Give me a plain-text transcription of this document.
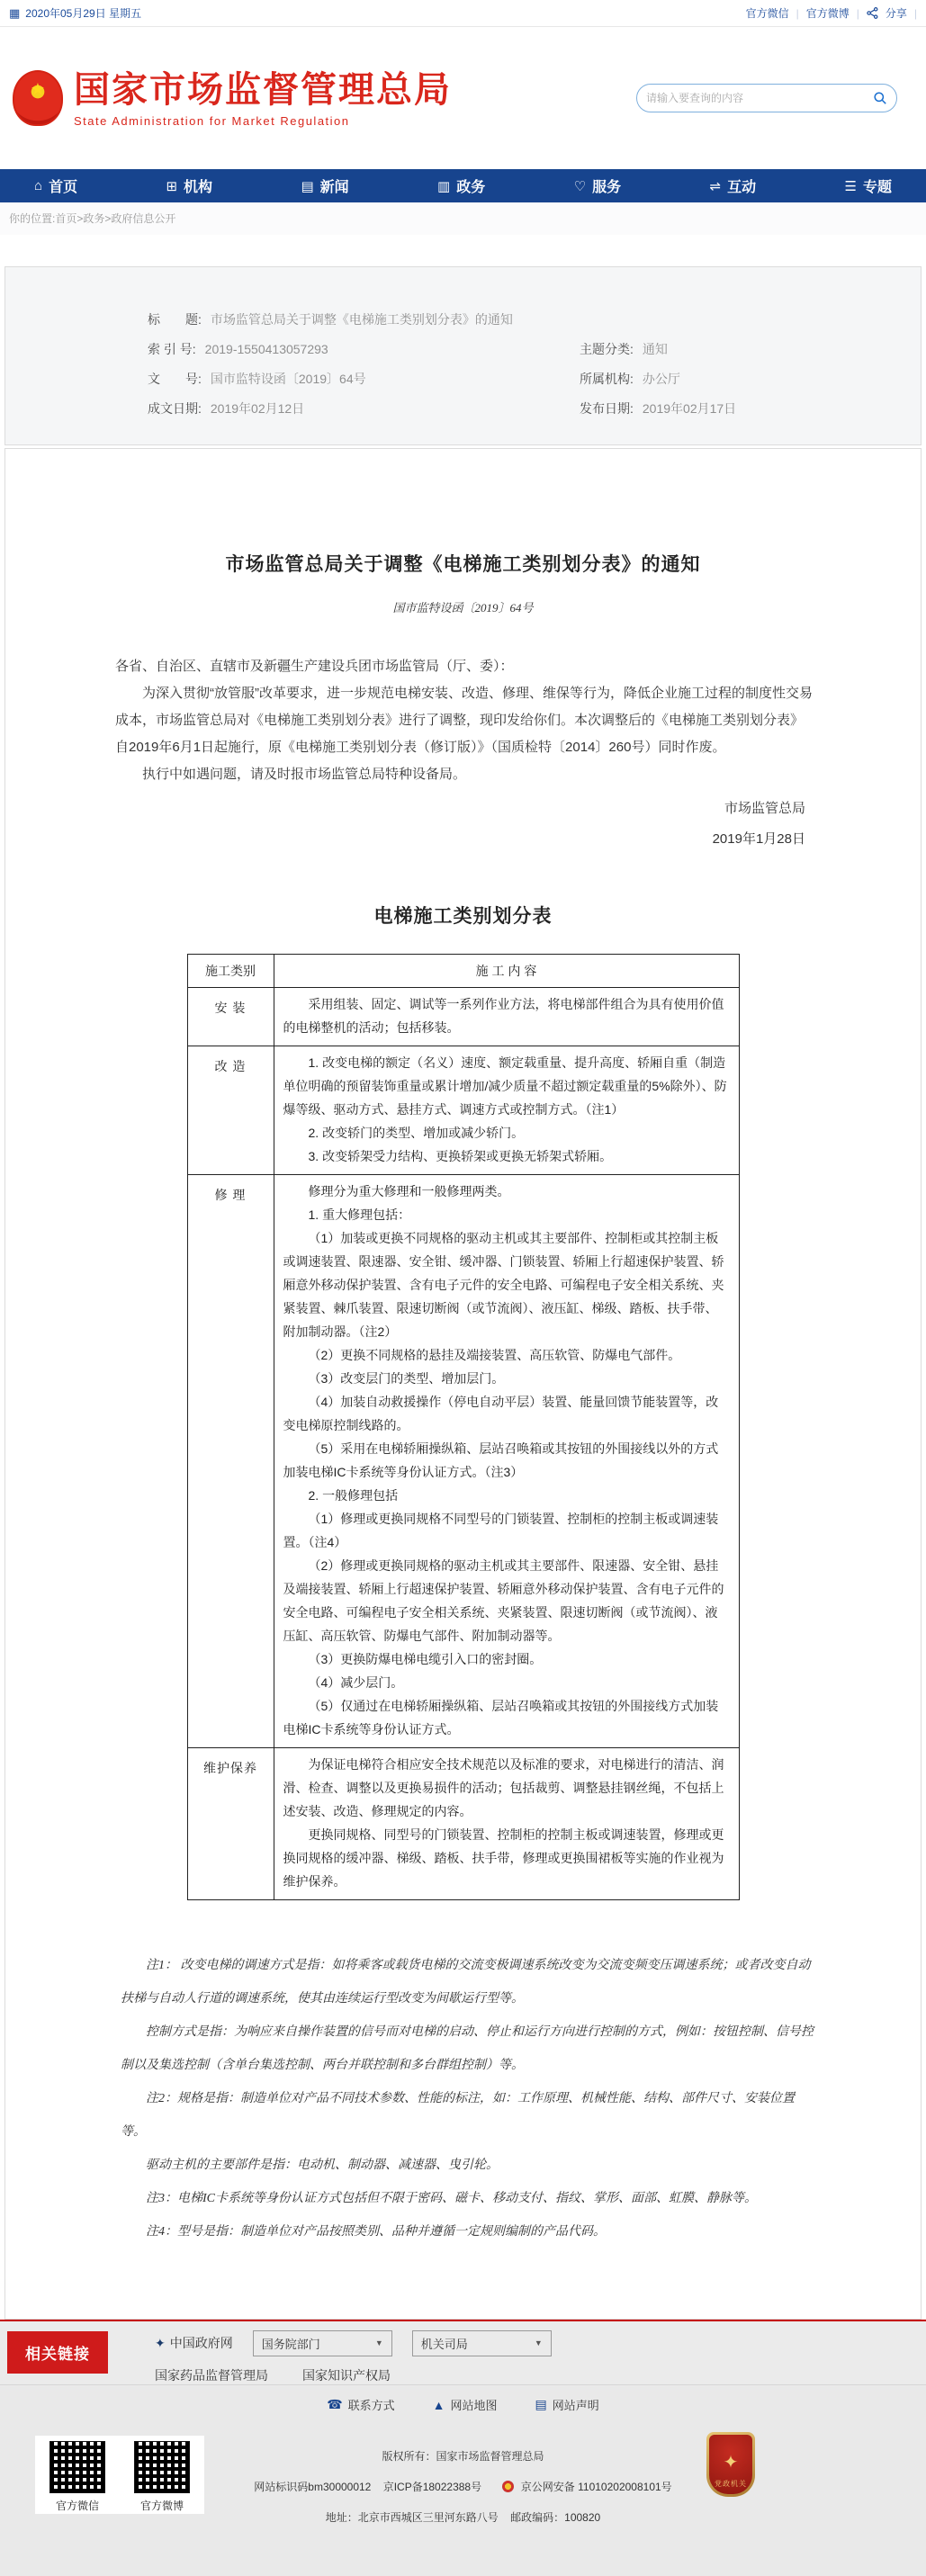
▦ 2020年05月29日 星期五	官方微信 | 官方微博 | 分享 |
★ 国家市场监督管理总局
State Administration for Market Regulation
请输入要查询的内容
⌂ 首页	⊞ 机构	▤ 新闻	▥ 政务	♡ 服务	⇌ 互动	☰ 专题
你的位置:首页>政务>政府信息公开
标　　题: 市场监管总局关于调整《电梯施工类别划分表》的通知
索 引 号: 2019-1550413057293	主题分类: 通知
文　　号: 国市监特设函〔2019〕64号	所属机构: 办公厅
成文日期: 2019年02月12日	发布日期: 2019年02月17日
市场监管总局关于调整《电梯施工类别划分表》的通知
国市监特设函〔2019〕64号

各省、自治区、直辖市及新疆生产建设兵团市场监管局（厅、委）：

为深入贯彻“放管服”改革要求，进一步规范电梯安装、改造、修理、维保等行为，降低企业施工过程的制度性交易成本，市场监管总局对《电梯施工类别划分表》进行了调整，现印发给你们。本次调整后的《电梯施工类别划分表》自2019年6月1日起施行，原《电梯施工类别划分表（修订版）》（国质检特〔2014〕260号）同时作废。

执行中如遇问题，请及时报市场监管总局特种设备局。

市场监管总局
2019年1月28日
电梯施工类别划分表
施工类别	施 工 内 容
安 装	采用组装、固定、调试等一系列作业方法，将电梯部件组合为具有使用价值的电梯整机的活动；包括移装。

改 造	1. 改变电梯的额定（名义）速度、额定载重量、提升高度、轿厢自重（制造单位明确的预留装饰重量或累计增加/减少质量不超过额定载重量的5%除外）、防爆等级、驱动方式、悬挂方式、调速方式或控制方式。（注1）

2. 改变轿门的类型、增加或减少轿门。

3. 改变轿架受力结构、更换轿架或更换无轿架式轿厢。

修 理	修理分为重大修理和一般修理两类。

1. 重大修理包括：

（1）加装或更换不同规格的驱动主机或其主要部件、控制柜或其控制主板或调速装置、限速器、安全钳、缓冲器、门锁装置、轿厢上行超速保护装置、轿厢意外移动保护装置、含有电子元件的安全电路、可编程电子安全相关系统、夹紧装置、棘爪装置、限速切断阀（或节流阀）、液压缸、梯级、踏板、扶手带、附加制动器。（注2）

（2）更换不同规格的悬挂及端接装置、高压软管、防爆电气部件。

（3）改变层门的类型、增加层门。

（4）加装自动救援操作（停电自动平层）装置、能量回馈节能装置等，改变电梯原控制线路的。

（5）采用在电梯轿厢操纵箱、层站召唤箱或其按钮的外围接线以外的方式加装电梯IC卡系统等身份认证方式。（注3）

2. 一般修理包括

（1）修理或更换同规格不同型号的门锁装置、控制柜的控制主板或调速装置。（注4）

（2）修理或更换同规格的驱动主机或其主要部件、限速器、安全钳、悬挂及端接装置、轿厢上行超速保护装置、轿厢意外移动保护装置、含有电子元件的安全电路、可编程电子安全相关系统、夹紧装置、限速切断阀（或节流阀）、液压缸、高压软管、防爆电气部件、附加制动器等。

（3）更换防爆电梯电缆引入口的密封圈。

（4）减少层门。

（5）仅通过在电梯轿厢操纵箱、层站召唤箱或其按钮的外围接线方式加装电梯IC卡系统等身份认证方式。

维护保养	为保证电梯符合相应安全技术规范以及标准的要求，对电梯进行的清洁、润滑、检查、调整以及更换易损件的活动；包括裁剪、调整悬挂钢丝绳，不包括上述安装、改造、修理规定的内容。

更换同规格、同型号的门锁装置、控制柜的控制主板或调速装置，修理或更换同规格的缓冲器、梯级、踏板、扶手带，修理或更换围裙板等实施的作业视为维护保养。

注1： 改变电梯的调速方式是指：如将乘客或载货电梯的交流变极调速系统改变为交流变频变压调速系统；或者改变自动扶梯与自动人行道的调速系统，使其由连续运行型改变为间歇运行型等。

控制方式是指：为响应来自操作装置的信号而对电梯的启动、停止和运行方向进行控制的方式，例如：按钮控制、信号控制以及集选控制（含单台集选控制、两台并联控制和多台群组控制）等。

注2：规格是指：制造单位对产品不同技术参数、性能的标注，如：工作原理、机械性能、结构、部件尺寸、安装位置等。

驱动主机的主要部件是指：电动机、制动器、减速器、曳引轮。

注3：电梯IC卡系统等身份认证方式包括但不限于密码、磁卡、移动支付、指纹、掌形、面部、虹膜、静脉等。

注4：型号是指：制造单位对产品按照类别、品种并遵循一定规则编制的产品代码。

相关链接
✦ 中国政府网 国务院部门	▼	机关司局	▼
国家药品监督管理局	国家知识产权局
☎ 联系方式	▲ 网站地图	▤ 网站声明
官方微信	官方微博
版权所有：国家市场监督管理总局
网站标识码bm30000012 京ICP备18022388号	京公网安备 11010202008101号
地址：北京市西城区三里河东路八号 邮政编码：100820
✦
党政机关
